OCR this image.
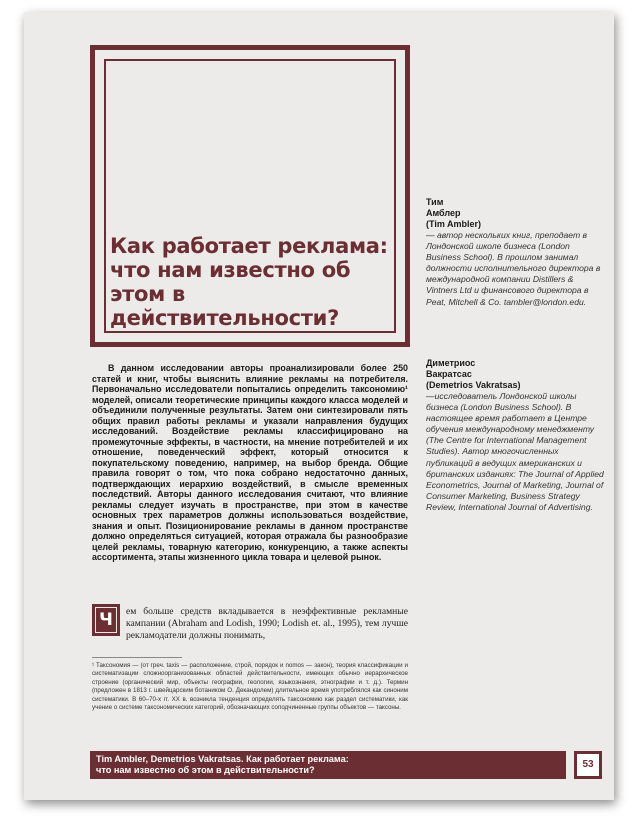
Как работает реклама: что нам известно об этом в действительности?

Тим

Амблер

(Tim Ambler)

— автор нескольких книг, преподает в Лондонской школе бизнеса (London Business School). В прошлом занимал должности исполнительного директора в международной компании Distillers & Vintners Ltd и финансового директора в Peat, Mitchell & Co. tambler@london.edu.

Диметриос

Вакратсас

(Demetrios Vakratsas)

—исследователь Лондонской школы бизнеса (London Business School). В настоящее время работает в Центре обучения международному менеджменту (The Centre for International Management Studies). Автор многочисленных публикаций в ведущих американских и британских изданиях: The Journal of Applied Econometrics, Journal of Marketing, Journal of Consumer Marketing, Business Strategy Review, International Journal of Advertising.

В данном исследовании авторы проанализировали более 250 статей и книг, чтобы выяснить влияние рекламы на потребителя. Первоначально исследователи попытались определить таксономию¹ моделей, описали теоретические принципы каждого класса моделей и объединили полученные результаты. Затем они синтезировали пять общих правил работы рекламы и указали направления будущих исследований. Воздействие рекламы классифицировано на промежуточные эффекты, в частности, на мнение потребителей и их отношение, поведенческий эффект, который относится к покупательскому поведению, например, на выбор бренда. Общие правила говорят о том, что пока собрано недостаточно данных, подтверждающих иерархию воздействий, в смысле временных последствий. Авторы данного исследования считают, что влияние рекламы следует изучать в пространстве, при этом в качестве основных трех параметров должны использоваться воздействие, знания и опыт. Позиционирование рекламы в данном пространстве должно определяться ситуацией, которая отражала бы разнообразие целей рекламы, товарную категорию, конкуренцию, а также аспекты ассортимента, этапы жизненного цикла товара и целевой рынок.

Ч	ем больше средств вкладывается в неэффективные рекламные кампании (Abraham and Lodish, 1990; Lodish et. al., 1995), тем лучше рекламодатели должны понимать,

¹ Таксономия — (от греч. taxis — расположение, строй, порядок и nomos — закон), теория классификации и систематизации сложноорганизованных областей действительности, имеющих обычно иерархическое строение (органический мир, объекты географии, геологии, языкознания, этнографии и т. д.). Термин (предложен в 1813 г. швейцарским ботаником О. Декандолем) длительное время употреблялся как синоним систематики. В 60–70-х гг. XX в. возникла тенденция определять таксономию как раздел систематики, как учение о системе таксономических категорий, обозначающих соподчиненные группы объектов — таксоны.

Tim Ambler, Demetrios Vakratsas. Как работает реклама:
что нам известно об этом в действительности?	53
